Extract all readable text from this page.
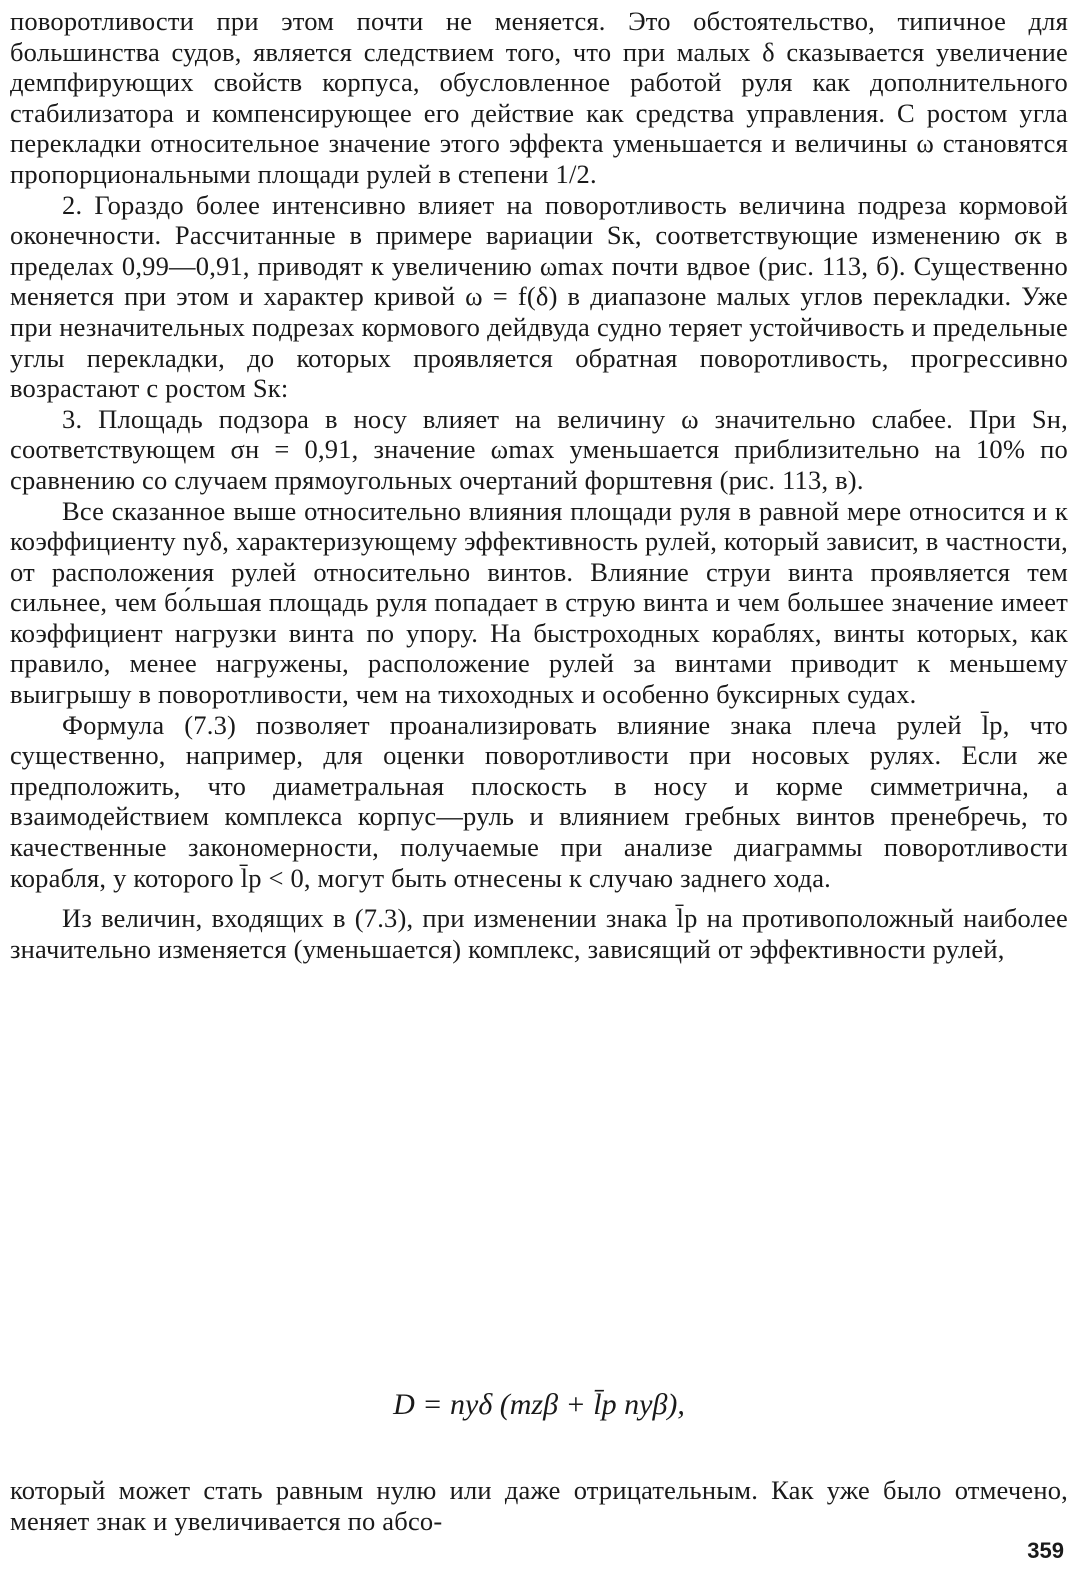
поворотливости при этом почти не меняется. Это обстоятельство, типичное для большинства судов, является следствием того, что при малых δ сказывается увеличение демпфирующих свойств корпуса, обусловленное работой руля как дополнительного стабилизатора и компенсирующее его действие как средства управления. С ростом угла перекладки относительное значение этого эффекта уменьшается и величины ω становятся пропорциональными площади рулей в степени 1/2.

2. Гораздо более интенсивно влияет на поворотливость величина подреза кормовой оконечности. Рассчитанные в примере вариации Sк, соответствующие изменению σк в пределах 0,99—0,91, приводят к увеличению ωmax почти вдвое (рис. 113, б). Существенно меняется при этом и характер кривой ω = f(δ) в диапазоне малых углов перекладки. Уже при незначительных подрезах кормового дейдвуда судно теряет устойчивость и предельные углы перекладки, до которых проявляется обратная поворотливость, прогрессивно возрастают с ростом Sк:

3. Площадь подзора в носу влияет на величину ω значительно слабее. При Sн, соответствующем σн = 0,91, значение ωmax уменьшается приблизительно на 10% по сравнению со случаем прямоугольных очертаний форштевня (рис. 113, в).

Все сказанное выше относительно влияния площади руля в равной мере относится и к коэффициенту nyδ, характеризующему эффективность рулей, который зависит, в частности, от расположения рулей относительно винтов. Влияние струи винта проявляется тем сильнее, чем бо́льшая площадь руля попадает в струю винта и чем большее значение имеет коэффициент нагрузки винта по упору. На быстроходных кораблях, винты которых, как правило, менее нагружены, расположение рулей за винтами приводит к меньшему выигрышу в поворотливости, чем на тихоходных и особенно буксирных судах.

Формула (7.3) позволяет проанализировать влияние знака плеча рулей l̄р, что существенно, например, для оценки поворотливости при носовых рулях. Если же предположить, что диаметральная плоскость в носу и корме симметрична, а взаимодействием комплекса корпус—руль и влиянием гребных винтов пренебречь, то качественные закономерности, получаемые при анализе диаграммы поворотливости корабля, у которого l̄р < 0, могут быть отнесены к случаю заднего хода.

Из величин, входящих в (7.3), при изменении знака l̄р на противоположный наиболее значительно изменяется (уменьшается) комплекс, зависящий от эффективности рулей,

D = nyδ (mzβ + l̄р nyβ),

который может стать равным нулю или даже отрицательным. Как уже было отмечено, меняет знак и увеличивается по абсо-

359
